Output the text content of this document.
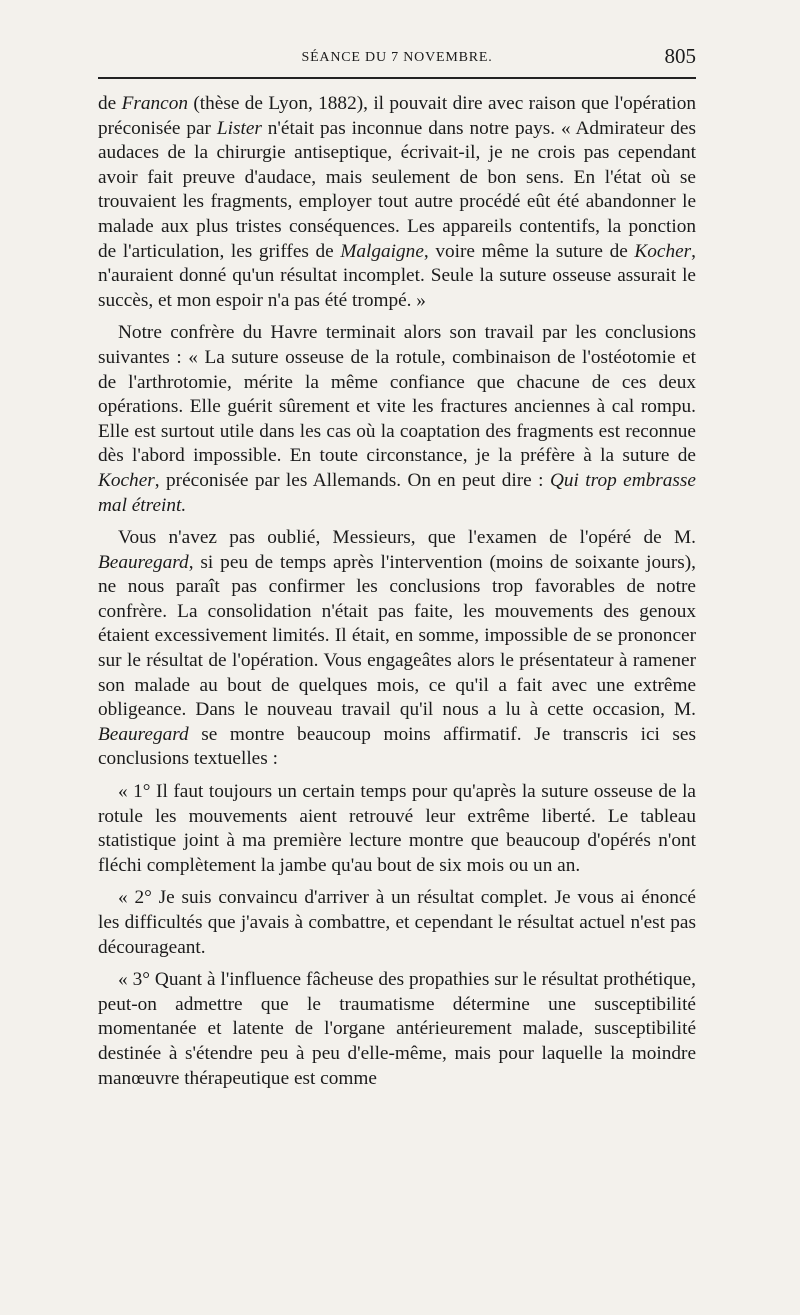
SÉANCE DU 7 NOVEMBRE.	805

de Francon (thèse de Lyon, 1882), il pouvait dire avec raison que l'opération préconisée par Lister n'était pas inconnue dans notre pays. « Admirateur des audaces de la chirurgie antiseptique, écrivait-il, je ne crois pas cependant avoir fait preuve d'audace, mais seulement de bon sens. En l'état où se trouvaient les fragments, employer tout autre procédé eût été abandonner le malade aux plus tristes conséquences. Les appareils contentifs, la ponction de l'articulation, les griffes de Malgaigne, voire même la suture de Kocher, n'auraient donné qu'un résultat incomplet. Seule la suture osseuse assurait le succès, et mon espoir n'a pas été trompé. »

Notre confrère du Havre terminait alors son travail par les conclusions suivantes : « La suture osseuse de la rotule, combinaison de l'ostéotomie et de l'arthrotomie, mérite la même confiance que chacune de ces deux opérations. Elle guérit sûrement et vite les fractures anciennes à cal rompu. Elle est surtout utile dans les cas où la coaptation des fragments est reconnue dès l'abord impossible. En toute circonstance, je la préfère à la suture de Kocher, préconisée par les Allemands. On en peut dire : Qui trop embrasse mal étreint.

Vous n'avez pas oublié, Messieurs, que l'examen de l'opéré de M. Beauregard, si peu de temps après l'intervention (moins de soixante jours), ne nous paraît pas confirmer les conclusions trop favorables de notre confrère. La consolidation n'était pas faite, les mouvements des genoux étaient excessivement limités. Il était, en somme, impossible de se prononcer sur le résultat de l'opération. Vous engageâtes alors le présentateur à ramener son malade au bout de quelques mois, ce qu'il a fait avec une extrême obligeance. Dans le nouveau travail qu'il nous a lu à cette occasion, M. Beauregard se montre beaucoup moins affirmatif. Je transcris ici ses conclusions textuelles :

« 1° Il faut toujours un certain temps pour qu'après la suture osseuse de la rotule les mouvements aient retrouvé leur extrême liberté. Le tableau statistique joint à ma première lecture montre que beaucoup d'opérés n'ont fléchi complètement la jambe qu'au bout de six mois ou un an.

« 2° Je suis convaincu d'arriver à un résultat complet. Je vous ai énoncé les difficultés que j'avais à combattre, et cependant le résultat actuel n'est pas décourageant.

« 3° Quant à l'influence fâcheuse des propathies sur le résultat prothétique, peut-on admettre que le traumatisme détermine une susceptibilité momentanée et latente de l'organe antérieurement malade, susceptibilité destinée à s'étendre peu à peu d'elle-même, mais pour laquelle la moindre manœuvre thérapeutique est comme
